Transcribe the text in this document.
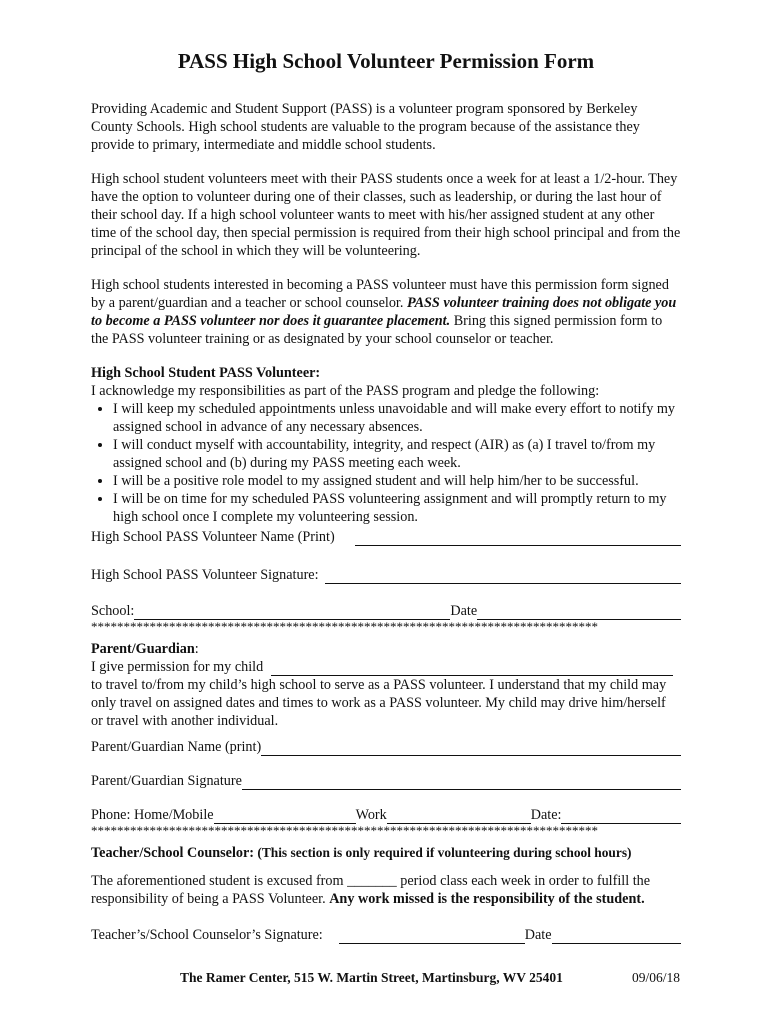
PASS High School Volunteer Permission Form

Providing Academic and Student Support (PASS) is a volunteer program sponsored by Berkeley County Schools. High school students are valuable to the program because of the assistance they provide to primary, intermediate and middle school students.

High school student volunteers meet with their PASS students once a week for at least a 1/2-hour. They have the option to volunteer during one of their classes, such as leadership, or during the last hour of their school day. If a high school volunteer wants to meet with his/her assigned student at any other time of the school day, then special permission is required from their high school principal and from the principal of the school in which they will be volunteering.

High school students interested in becoming a PASS volunteer must have this permission form signed by a parent/guardian and a teacher or school counselor. PASS volunteer training does not obligate you to become a PASS volunteer nor does it guarantee placement. Bring this signed permission form to the PASS volunteer training or as designated by your school counselor or teacher.

High School Student PASS Volunteer:
I acknowledge my responsibilities as part of the PASS program and pledge the following:
• I will keep my scheduled appointments unless unavoidable and will make every effort to notify my assigned school in advance of any necessary absences.
• I will conduct myself with accountability, integrity, and respect (AIR) as (a) I travel to/from my assigned school and (b) during my PASS meeting each week.
• I will be a positive role model to my assigned student and will help him/her to be successful.
• I will be on time for my scheduled PASS volunteering assignment and will promptly return to my high school once I complete my volunteering session.
High School PASS Volunteer Name (Print)
High School PASS Volunteer Signature:
School:	Date
******************************************************************************
Parent/Guardian:
I give permission for my child

to travel to/from my child’s high school to serve as a PASS volunteer. I understand that my child may only travel on assigned dates and times to work as a PASS volunteer. My child may drive him/herself or travel with another individual.

Parent/Guardian Name (print)
Parent/Guardian Signature
Phone: Home/Mobile	Work	Date:
******************************************************************************
Teacher/School Counselor: (This section is only required if volunteering during school hours)

The aforementioned student is excused from _______ period class each week in order to fulfill the responsibility of being a PASS Volunteer. Any work missed is the responsibility of the student.

Teacher’s/School Counselor’s Signature:	Date
The Ramer Center, 515 W. Martin Street, Martinsburg, WV 25401	09/06/18
